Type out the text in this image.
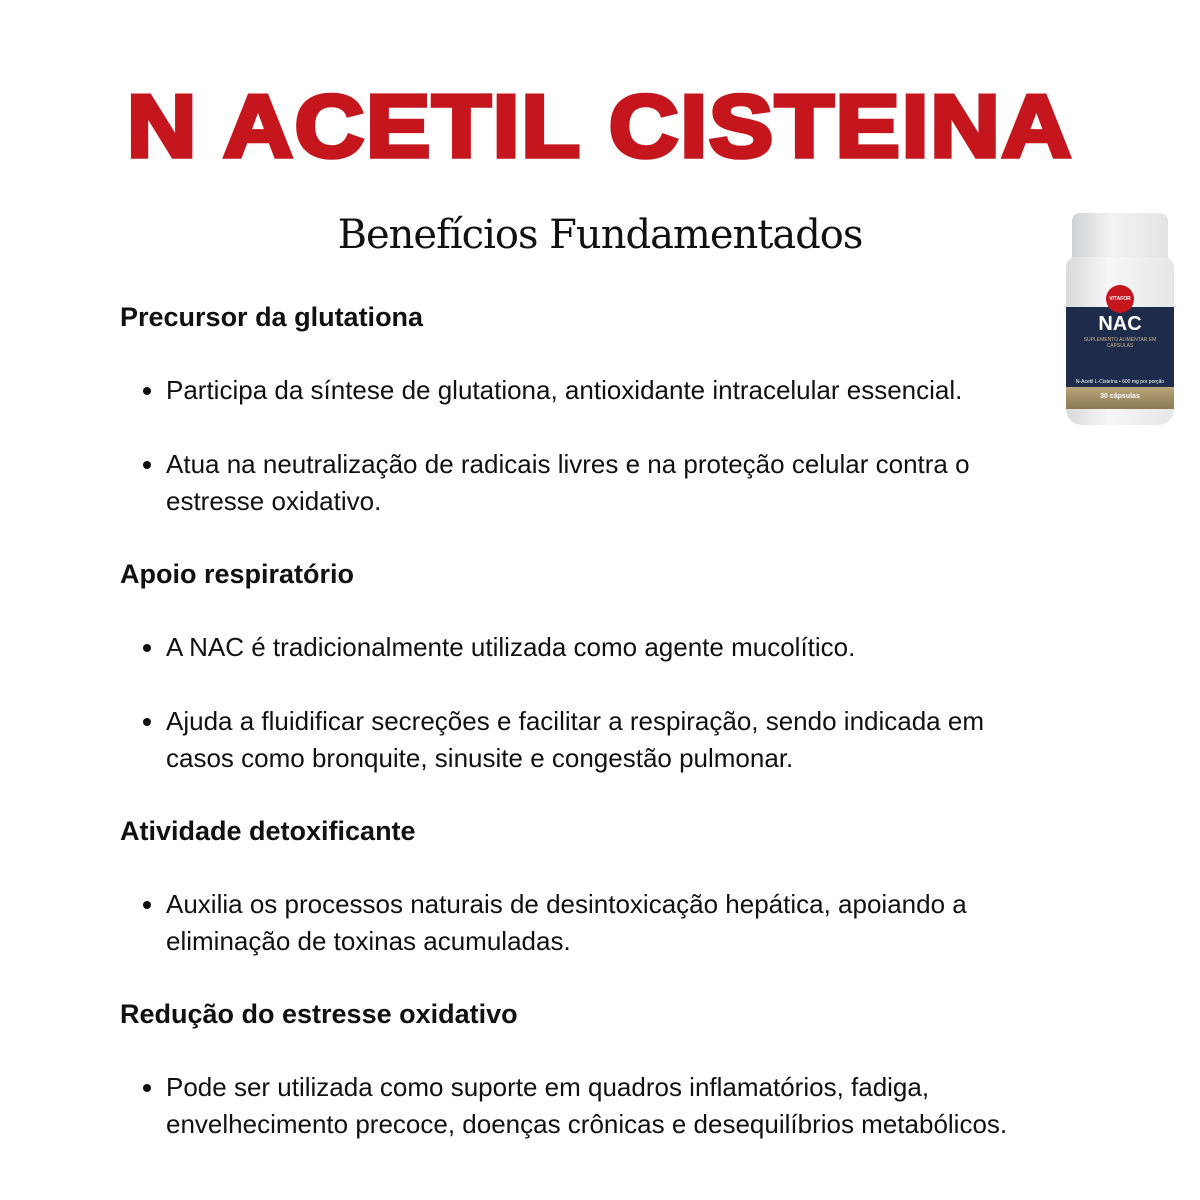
N ACETIL CISTEINA
Benefícios Fundamentados
VITAFOR
NAC
SUPLEMENTO ALIMENTAR EM CÁPSULAS
N-Acetil L-Cisteína • 600 mg por porção
30 cápsulas
Precursor da glutationa
• Participa da síntese de glutationa, antioxidante intracelular essencial.
• Atua na neutralização de radicais livres e na proteção celular contra o estresse oxidativo.
Apoio respiratório
• A NAC é tradicionalmente utilizada como agente mucolítico.
• Ajuda a fluidificar secreções e facilitar a respiração, sendo indicada em casos como bronquite, sinusite e congestão pulmonar.
Atividade detoxificante
• Auxilia os processos naturais de desintoxicação hepática, apoiando a eliminação de toxinas acumuladas.
Redução do estresse oxidativo
• Pode ser utilizada como suporte em quadros inflamatórios, fadiga, envelhecimento precoce, doenças crônicas e desequilíbrios metabólicos.
